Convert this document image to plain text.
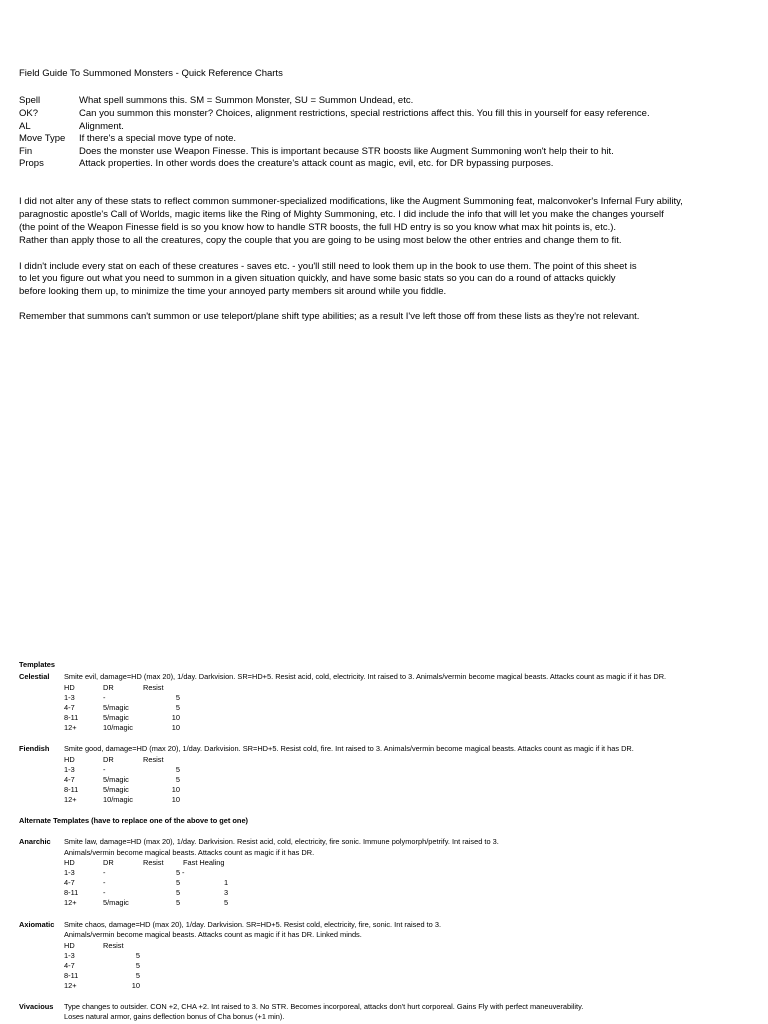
Field Guide To Summoned Monsters - Quick Reference Charts
Spell	What spell summons this. SM = Summon Monster, SU = Summon Undead, etc.
OK?	Can you summon this monster? Choices, alignment restrictions, special restrictions affect this. You fill this in yourself for easy reference.
AL	Alignment.
Move Type If there's a special move type of note.
Fin	Does the monster use Weapon Finesse. This is important because STR boosts like Augment Summoning won't help their to hit.
Props	Attack properties. In other words does the creature's attack count as magic, evil, etc. for DR bypassing purposes.
I did not alter any of these stats to reflect common summoner-specialized modifications, like the Augment Summoning feat, malconvoker's Infernal Fury ability,
paragnostic apostle's Call of Worlds, magic items like the Ring of Mighty Summoning, etc. I did include the info that will let you make the changes yourself
(the point of the Weapon Finesse field is so you know how to handle STR boosts, the full HD entry is so you know what max hit points is, etc.).
Rather than apply those to all the creatures, copy the couple that you are going to be using most below the other entries and change them to fit.
I didn't include every stat on each of these creatures - saves etc. - you'll still need to look them up in the book to use them. The point of this sheet is
to let you figure out what you need to summon in a given situation quickly, and have some basic stats so you can do a round of attacks quickly
before looking them up, to minimize the time your annoyed party members sit around while you fiddle.
Remember that summons can't summon or use teleport/plane shift type abilities; as a result I've left those off from these lists as they're not relevant.
Templates
Celestial Smite evil, damage=HD (max 20), 1/day. Darkvision. SR=HD+5. Resist acid, cold, electricity. Int raised to 3. Animals/vermin become magical beasts. Attacks count as magic if it has DR.
HD	DR	Resist
1-3	-	5
4-7	5/magic	5
8-11	5/magic	10
12+	10/magic	10
Fiendish Smite good, damage=HD (max 20), 1/day. Darkvision. SR=HD+5. Resist cold, fire. Int raised to 3. Animals/vermin become magical beasts. Attacks count as magic if it has DR.
HD	DR	Resist
1-3	-	5
4-7	5/magic	5
8-11	5/magic	10
12+	10/magic	10
Alternate Templates (have to replace one of the above to get one)
Anarchic Smite law, damage=HD (max 20), 1/day. Darkvision. Resist acid, cold, electricity, fire sonic. Immune polymorph/petrify. Int raised to 3.
Animals/vermin become magical beasts. Attacks count as magic if it has DR.
HD	DR	Resist	Fast Healing
1-3	-	5 -
4-7	-	5	1
8-11	-	5	3
12+	5/magic	5	5
Axiomatic Smite chaos, damage=HD (max 20), 1/day. Darkvision. SR=HD+5. Resist cold, electricity, fire, sonic. Int raised to 3.
Animals/vermin become magical beasts. Attacks count as magic if it has DR. Linked minds.
HD	Resist
1-3	5
4-7	5
8-11	5
12+	10
Vivacious Type changes to outsider. CON +2, CHA +2. Int raised to 3. No STR. Becomes incorporeal, attacks don't hurt corporeal. Gains Fly with perfect maneuverability.
Loses natural armor, gains deflection bonus of Cha bonus (+1 min).
